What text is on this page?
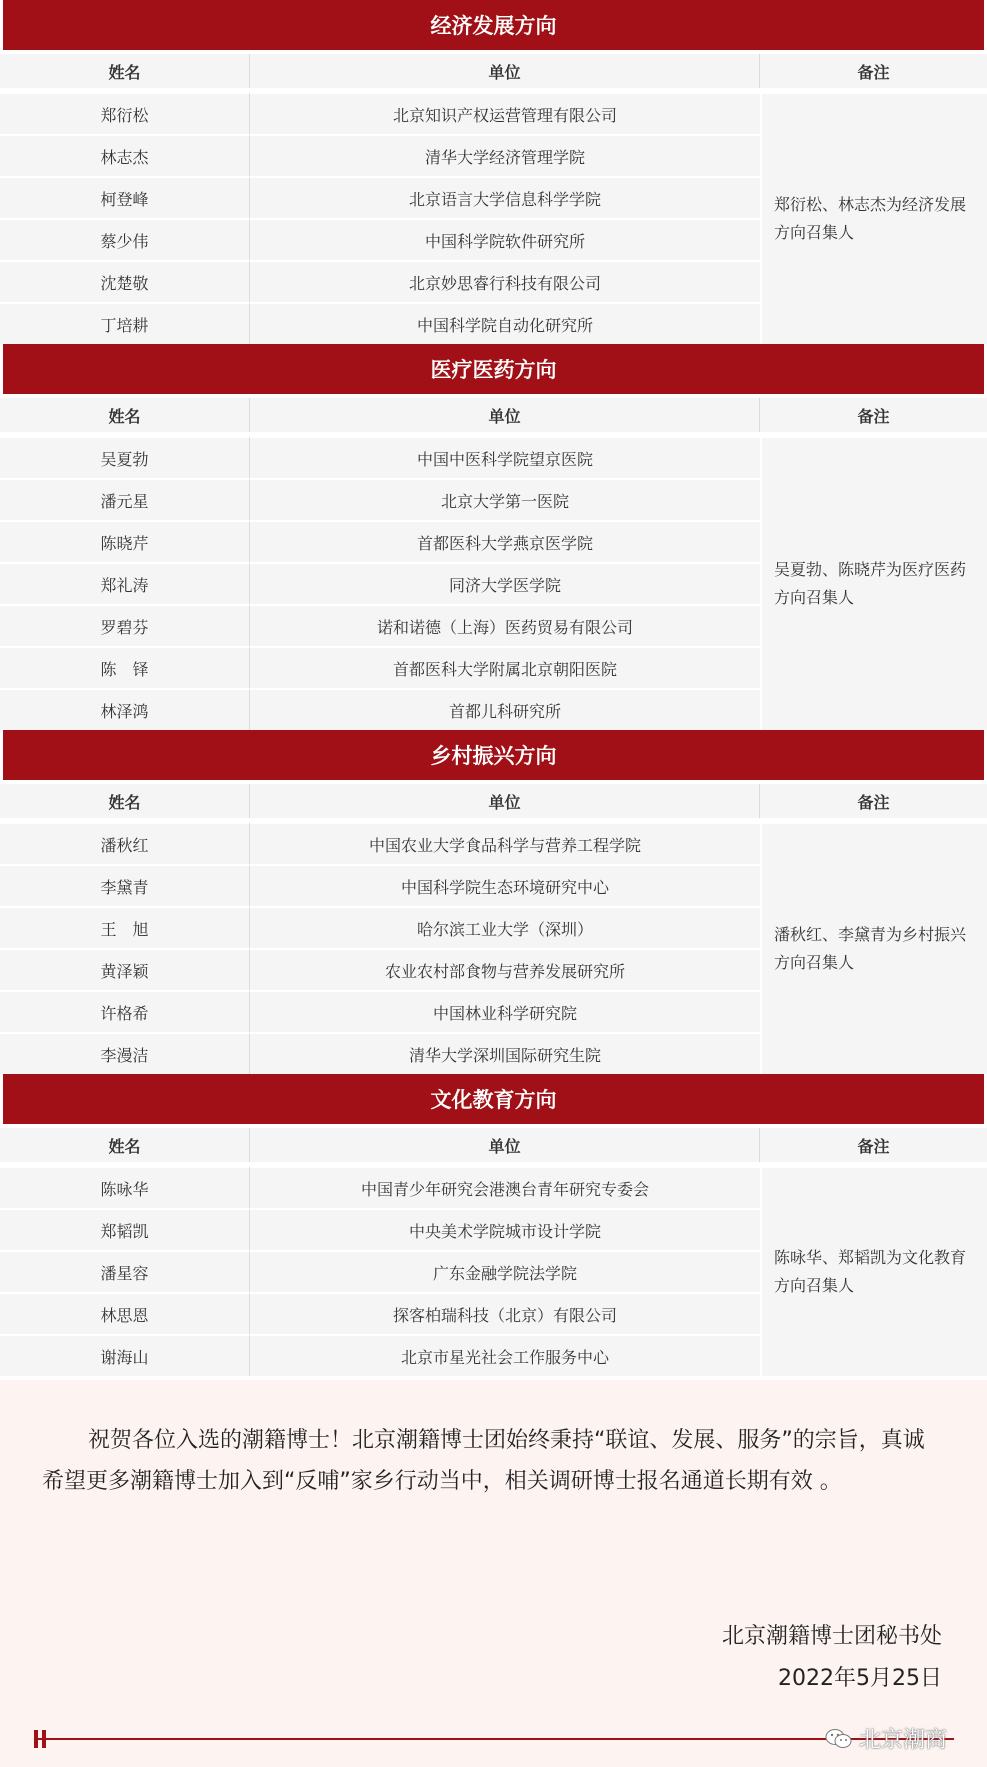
经济发展方向
姓名	单位	备注
郑衍松	北京知识产权运营管理有限公司
林志杰	清华大学经济管理学院
柯登峰	北京语言大学信息科学学院
蔡少伟	中国科学院软件研究所
沈楚敬	北京妙思睿行科技有限公司
丁培耕	中国科学院自动化研究所
郑衍松、林志杰为经济发展方向召集人
医疗医药方向
姓名	单位	备注
吴夏勃	中国中医科学院望京医院
潘元星	北京大学第一医院
陈晓芹	首都医科大学燕京医学院
郑礼涛	同济大学医学院
罗碧芬	诺和诺德（上海）医药贸易有限公司
陈　铎	首都医科大学附属北京朝阳医院
林泽鸿	首都儿科研究所
吴夏勃、陈晓芹为医疗医药方向召集人
乡村振兴方向
姓名	单位	备注
潘秋红	中国农业大学食品科学与营养工程学院
李黛青	中国科学院生态环境研究中心
王　旭	哈尔滨工业大学（深圳）
黄泽颖	农业农村部食物与营养发展研究所
许格希	中国林业科学研究院
李漫洁	清华大学深圳国际研究生院
潘秋红、李黛青为乡村振兴方向召集人
文化教育方向
姓名	单位	备注
陈咏华	中国青少年研究会港澳台青年研究专委会
郑韬凯	中央美术学院城市设计学院
潘星容	广东金融学院法学院
林思恩	探客柏瑞科技（北京）有限公司
谢海山	北京市星光社会工作服务中心
陈咏华、郑韬凯为文化教育方向召集人
祝贺各位入选的潮籍博士！北京潮籍博士团始终秉持“联谊、发展、服务”的宗旨，真诚希望更多潮籍博士加入到“反哺”家乡行动当中，相关调研博士报名通道长期有效 。
北京潮籍博士团秘书处
2022年5月25日
北京潮商
